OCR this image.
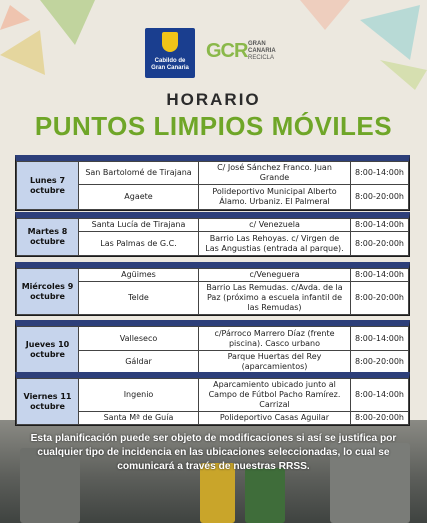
Cabildo de
Gran Canaria
GCR GRAN
CANARIA
RECICLA
HORARIO
PUNTOS LIMPIOS MÓVILES
Lunes 7 octubre	San Bartolomé de Tirajana	C/ José Sánchez Franco. Juan Grande	8:00-14:00h
	Agaete	Polideportivo Municipal Alberto Álamo. Urbaniz. El Palmeral	8:00-20:00h
Martes 8 octubre	Santa Lucía de Tirajana	c/ Venezuela	8:00-14:00h
	Las Palmas de G.C.	Barrio Las Rehoyas. c/ Virgen de Las Angustias (entrada al parque).	8:00-20:00h
Miércoles 9 octubre	Agüimes	c/Veneguera	8:00-14:00h
	Telde	Barrio Las Remudas. c/Avda. de la Paz (próximo a escuela infantil de las Remudas)	8:00-20:00h
Jueves 10 octubre	Valleseco	c/Párroco Marrero Díaz (frente piscina). Casco urbano	8:00-14:00h
	Gáldar	Parque Huertas del Rey (aparcamientos)	8:00-20:00h
Viernes 11 octubre	Ingenio	Aparcamiento ubicado junto al Campo de Fútbol Pacho Ramírez. Carrizal	8:00-14:00h
	Santa Mª de Guía	Polideportivo Casas Aguilar	8:00-20:00h
Esta planificación puede ser objeto de modificaciones si así se justifica por cualquier tipo de incidencia en las ubicaciones seleccionadas, lo cual se comunicará a través de nuestras RRSS.
